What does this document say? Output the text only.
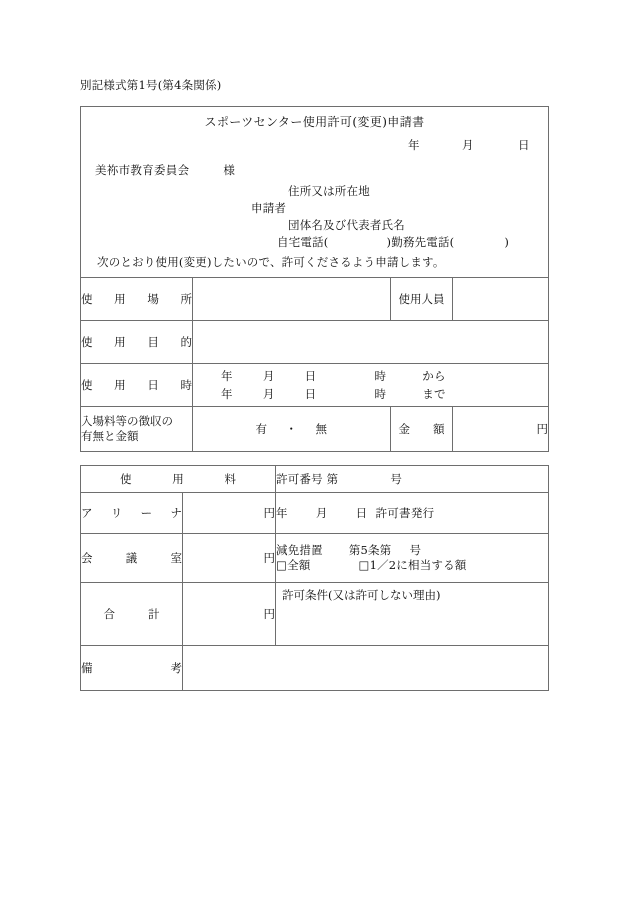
別記様式第1号(第4条関係)
スポーツセンター使用許可(変更)申請書
年	月	日
美祢市教育委員会	様
住所又は所在地
申請者
団体名及び代表者氏名
自宅電話(	)勤務先電話(	)
次のとおり使用(変更)したいので、許可くださるよう申請します。

使 用 場 所		使用人員	

使 用 目 的			

使 用 日 時	年 月 日 時 から
年 月 日 時 まで		

入場料等の徴収の
有無と金額	有 ・ 無	金 額	円
使 用 料		許可番号 第 号

ア リ ー ナ	円	年 月 日 許可書発行

会 議 室	円	減免措置 第5条第 号
□全額 □1／2に相当する額

合 計	円	許可条件(又は許可しない理由)

備 考		
